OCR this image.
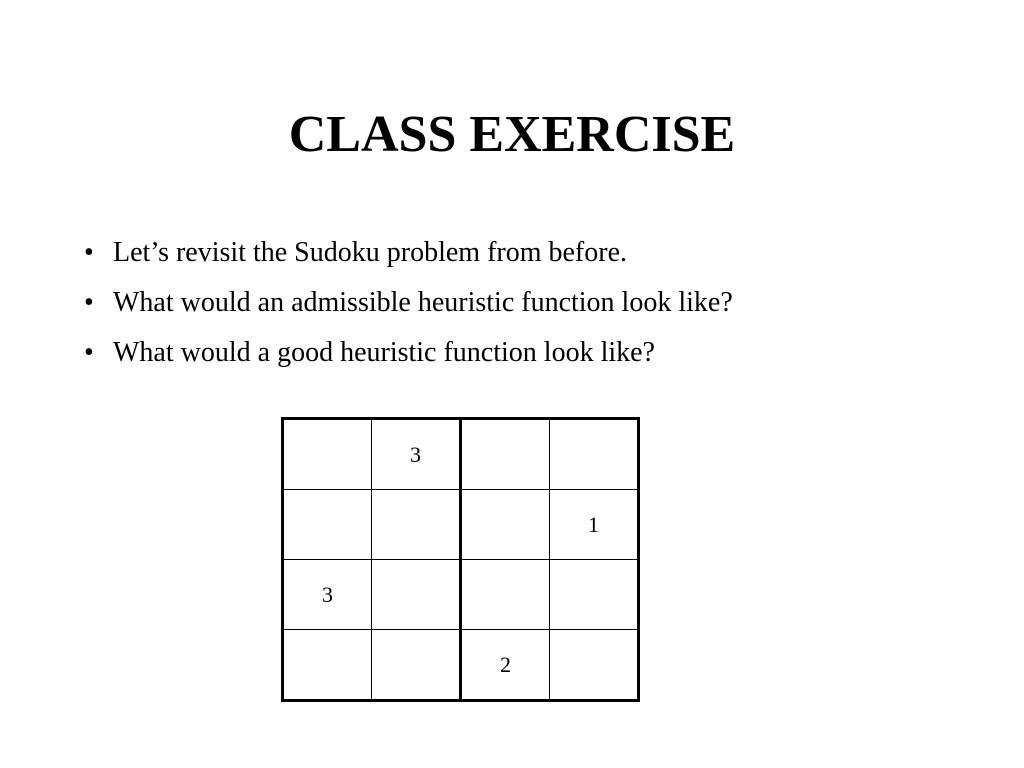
CLASS EXERCISE
• Let’s revisit the Sudoku problem from before.
• What would an admissible heuristic function look like?
• What would a good heuristic function look like?
	3		
			1
3			
		2	
